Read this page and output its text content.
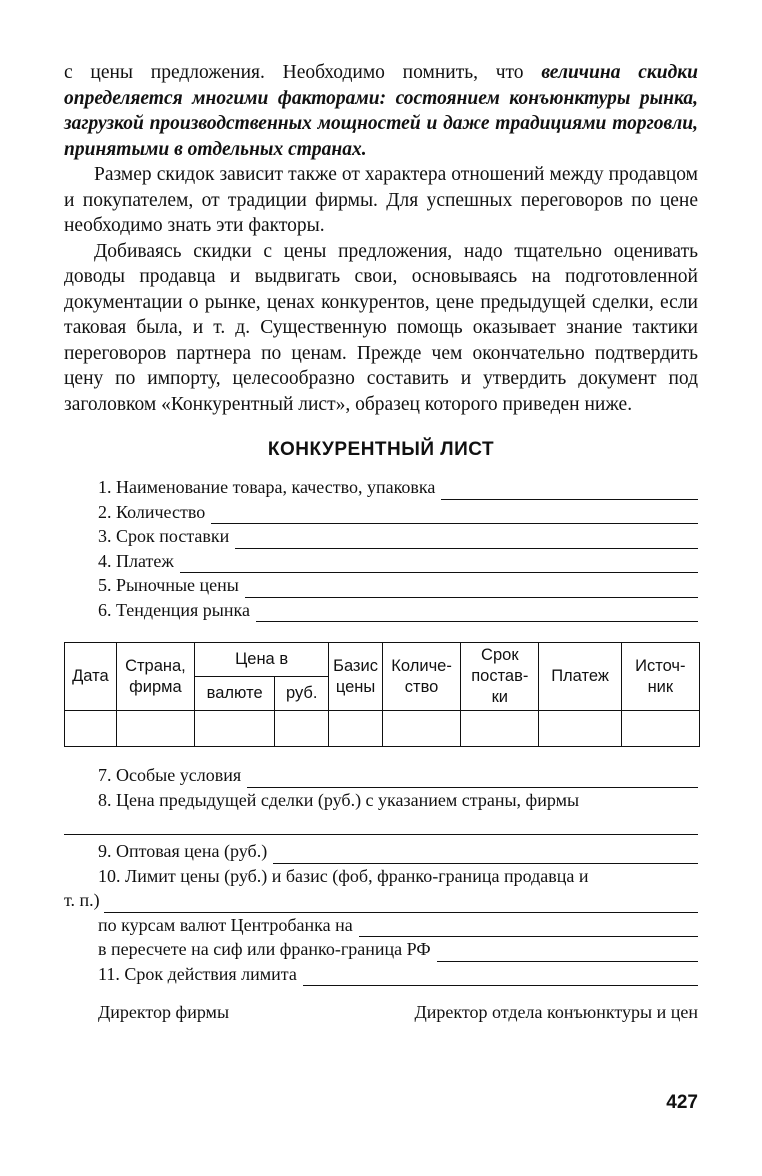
с цены предложения. Необходимо помнить, что величина скидки определяется многими факторами: состоянием конъюнктуры рынка, загрузкой производственных мощностей и даже традициями торговли, принятыми в отдельных странах.

Размер скидок зависит также от характера отношений между продавцом и покупателем, от традиции фирмы. Для успешных переговоров по цене необходимо знать эти факторы.

Добиваясь скидки с цены предложения, надо тщательно оценивать доводы продавца и выдвигать свои, основываясь на подготовленной документации о рынке, ценах конкурентов, цене предыдущей сделки, если таковая была, и т. д. Существенную помощь оказывает знание тактики переговоров партнера по ценам. Прежде чем окончательно подтвердить цену по импорту, целесообразно составить и утвердить документ под заголовком «Конкурентный лист», образец которого приведен ниже.

КОНКУРЕНТНЫЙ ЛИСТ
1. Наименование товара, качество, упаковка
2. Количество
3. Срок поставки
4. Платеж
5. Рыночные цены
6. Тенденция рынка
Дата	Страна, фирма	Цена в		Базис цены	Количе-ство	Срок постав-ки	Платеж	Источ-ник
		валюте	руб.					

7. Особые условия
8. Цена предыдущей сделки (руб.) с указанием страны, фирмы
9. Оптовая цена (руб.)
10. Лимит цены (руб.) и базис (фоб, франко-граница продавца и
т. п.)
по курсам валют Центробанка на
в пересчете на сиф или франко-граница РФ
11. Срок действия лимита
Директор фирмы	Директор отдела конъюнктуры и цен
427
